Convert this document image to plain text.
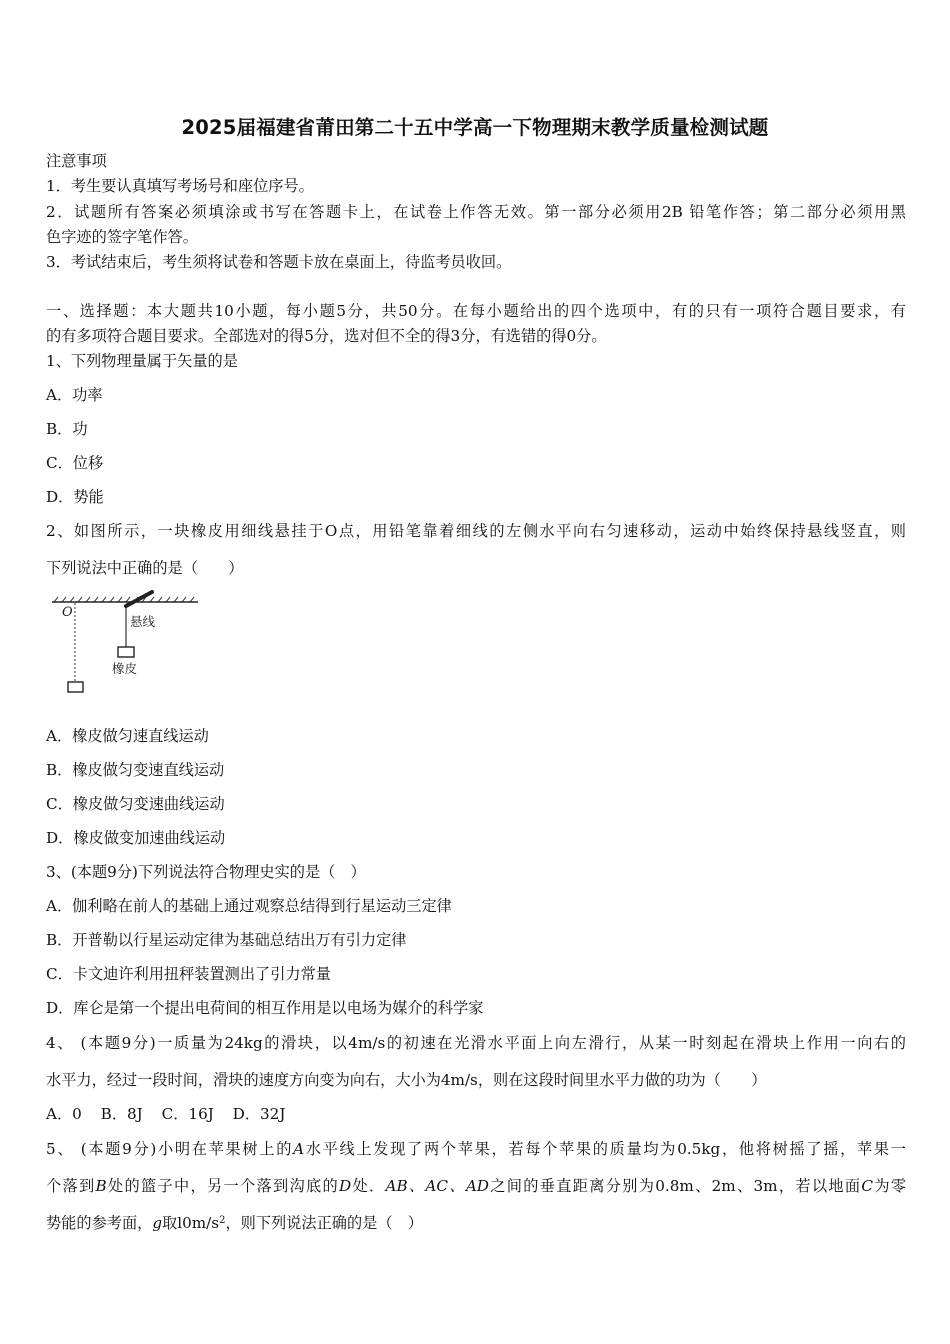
2025届福建省莆田第二十五中学高一下物理期末教学质量检测试题
注意事项
1．考生要认真填写考场号和座位序号。
2．试题所有答案必须填涂或书写在答题卡上，在试卷上作答无效。第一部分必须用2B 铅笔作答；第二部分必须用黑
色字迹的签字笔作答。
3．考试结束后，考生须将试卷和答题卡放在桌面上，待监考员收回。
一、选择题：本大题共10小题，每小题5分，共50分。在每小题给出的四个选项中，有的只有一项符合题目要求，有
的有多项符合题目要求。全部选对的得5分，选对但不全的得3分，有选错的得0分。
1、下列物理量属于矢量的是
A．功率
B．功
C．位移
D．势能
2、如图所示，一块橡皮用细线悬挂于O点，用铅笔靠着细线的左侧水平向右匀速移动，运动中始终保持悬线竖直，则
下列说法中正确的是（　　）
O
悬线
橡皮
A．橡皮做匀速直线运动
B．橡皮做匀变速直线运动
C．橡皮做匀变速曲线运动
D．橡皮做变加速曲线运动
3、(本题9分)下列说法符合物理史实的是（　）
A．伽利略在前人的基础上通过观察总结得到行星运动三定律
B．开普勒以行星运动定律为基础总结出万有引力定律
C．卡文迪许利用扭秤装置测出了引力常量
D．库仑是第一个提出电荷间的相互作用是以电场为媒介的科学家
4、 (本题9分)一质量为24kg的滑块，以4m/s的初速在光滑水平面上向左滑行，从某一时刻起在滑块上作用一向右的
水平力，经过一段时间，滑块的速度方向变为向右，大小为4m/s，则在这段时间里水平力做的功为（　　）
A．0 B．8J C．16J D．32J
5、 (本题9分)小明在苹果树上的A水平线上发现了两个苹果，若每个苹果的质量均为0.5kg，他将树摇了摇，苹果一
个落到B处的篮子中，另一个落到沟底的D处．AB、AC、AD之间的垂直距离分别为0.8m、2m、3m，若以地面C为零
势能的参考面，g取$l0m/s^2$，则下列说法正确的是（　）
